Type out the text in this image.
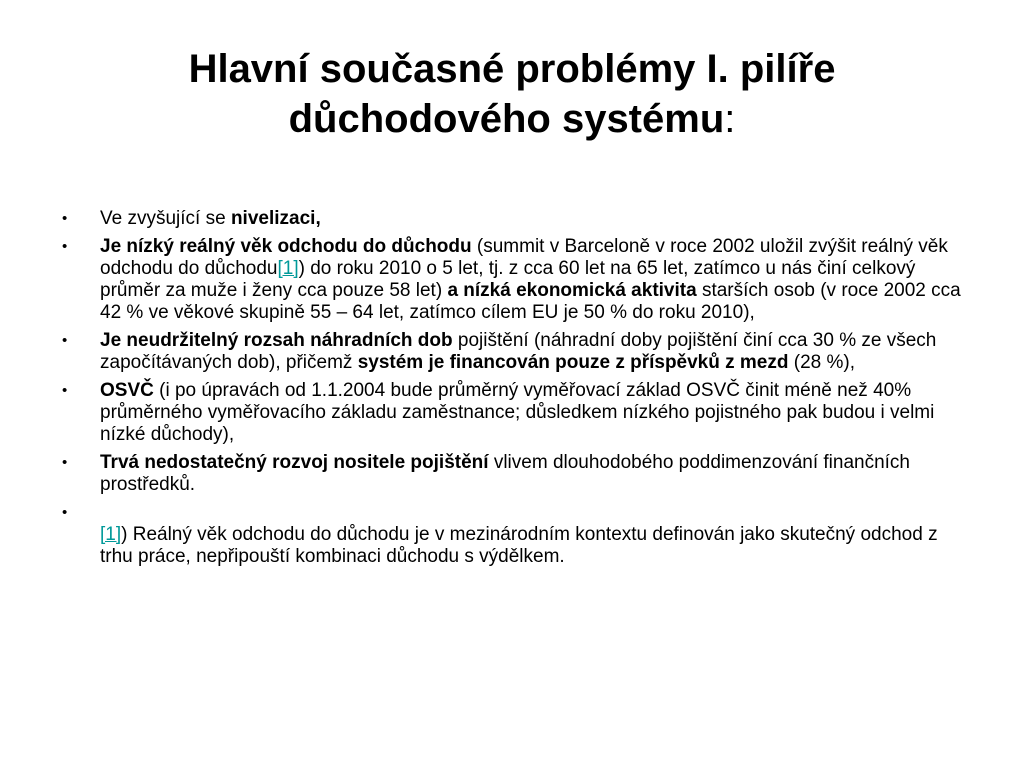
Hlavní současné problémy I. pilíře důchodového systému:
• Ve zvyšující se nivelizaci,
• Je nízký reálný věk odchodu do důchodu (summit v Barceloně v roce 2002 uložil zvýšit reálný věk odchodu do důchodu[1]) do roku 2010 o 5 let, tj. z cca 60 let na 65 let, zatímco u nás činí celkový průměr za muže i ženy cca pouze 58 let) a nízká ekonomická aktivita starších osob (v roce 2002 cca 42 % ve věkové skupině 55 – 64 let, zatímco cílem EU je 50 % do roku 2010),
• Je neudržitelný rozsah náhradních dob pojištění (náhradní doby pojištění činí cca 30 % ze všech započítávaných dob), přičemž systém je financován pouze z příspěvků z mezd (28 %),
• OSVČ (i po úpravách od 1.1.2004 bude průměrný vyměřovací základ OSVČ činit méně než 40% průměrného vyměřovacího základu zaměstnance; důsledkem nízkého pojistného pak budou i velmi nízké důchody),
• Trvá nedostatečný rozvoj nositele pojištění vlivem dlouhodobého poddimenzování finančních prostředků.
•

[1]) Reálný věk odchodu do důchodu je v mezinárodním kontextu definován jako skutečný odchod z trhu práce, nepřipouští kombinaci důchodu s výdělkem.
